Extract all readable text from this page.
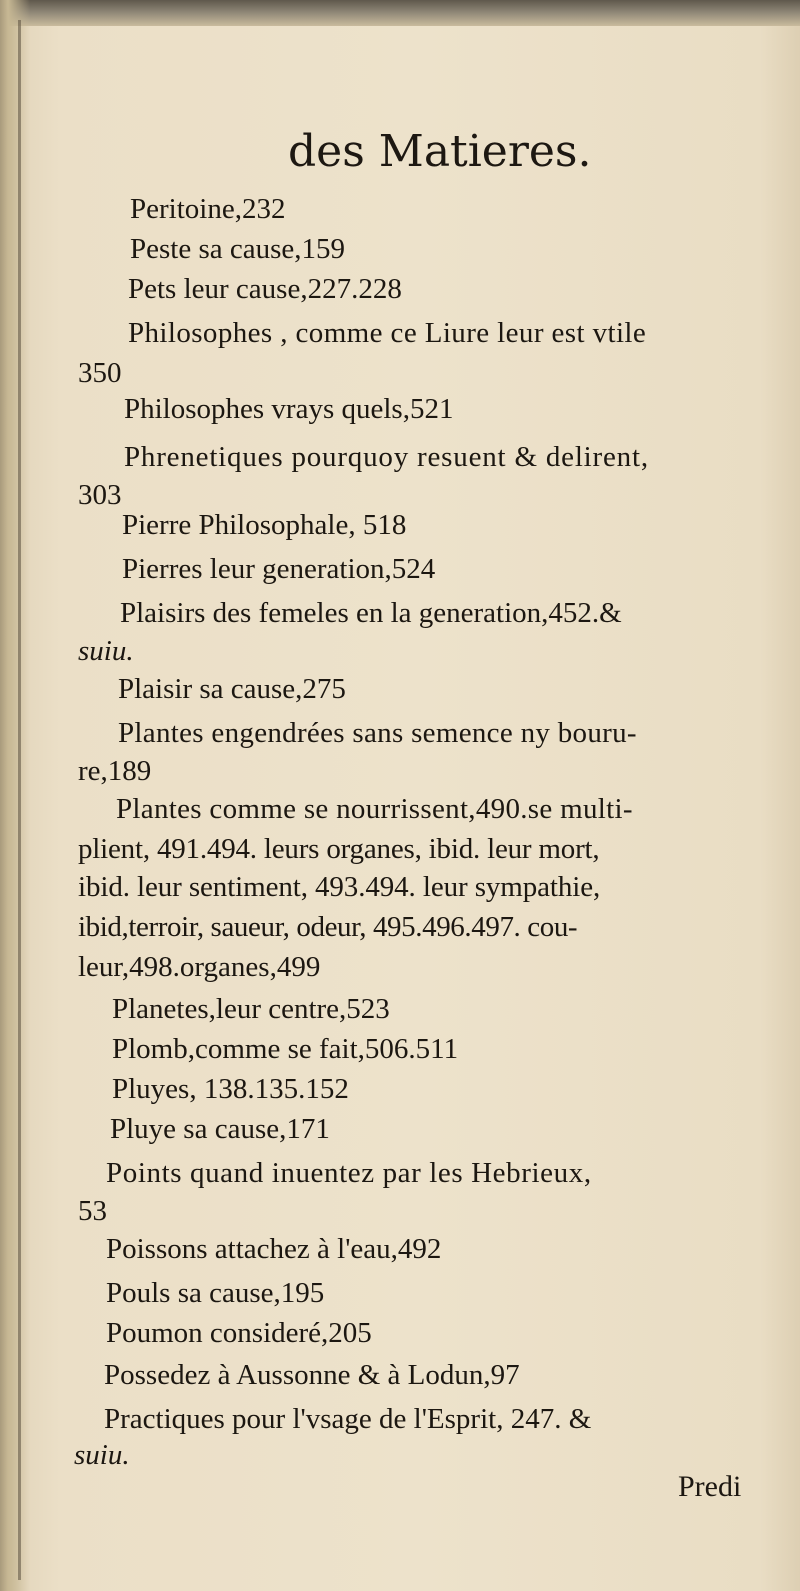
des Matieres.
Peritoine,232
Peste sa cause,159
Pets leur cause,227.228
Philosophes , comme ce Liure leur est vtile
350
Philosophes vrays quels,521
Phrenetiques pourquoy resuent & delirent,
303
Pierre Philosophale, 518
Pierres leur generation,524
Plaisirs des femeles en la generation,452.&
suiu.
Plaisir sa cause,275
Plantes engendrées sans semence ny bouru-
re,189
Plantes comme se nourrissent,490.se multi-
plient, 491.494. leurs organes, ibid. leur mort,
ibid. leur sentiment, 493.494. leur sympathie,
ibid,terroir, saueur, odeur, 495.496.497. cou-
leur,498.organes,499
Planetes,leur centre,523
Plomb,comme se fait,506.511
Pluyes, 138.135.152
Pluye sa cause,171
Points quand inuentez par les Hebrieux,
53
Poissons attachez à l'eau,492
Pouls sa cause,195
Poumon consideré,205
Possedez à Aussonne & à Lodun,97
Practiques pour l'vsage de l'Esprit, 247. &
suiu.
Predi
